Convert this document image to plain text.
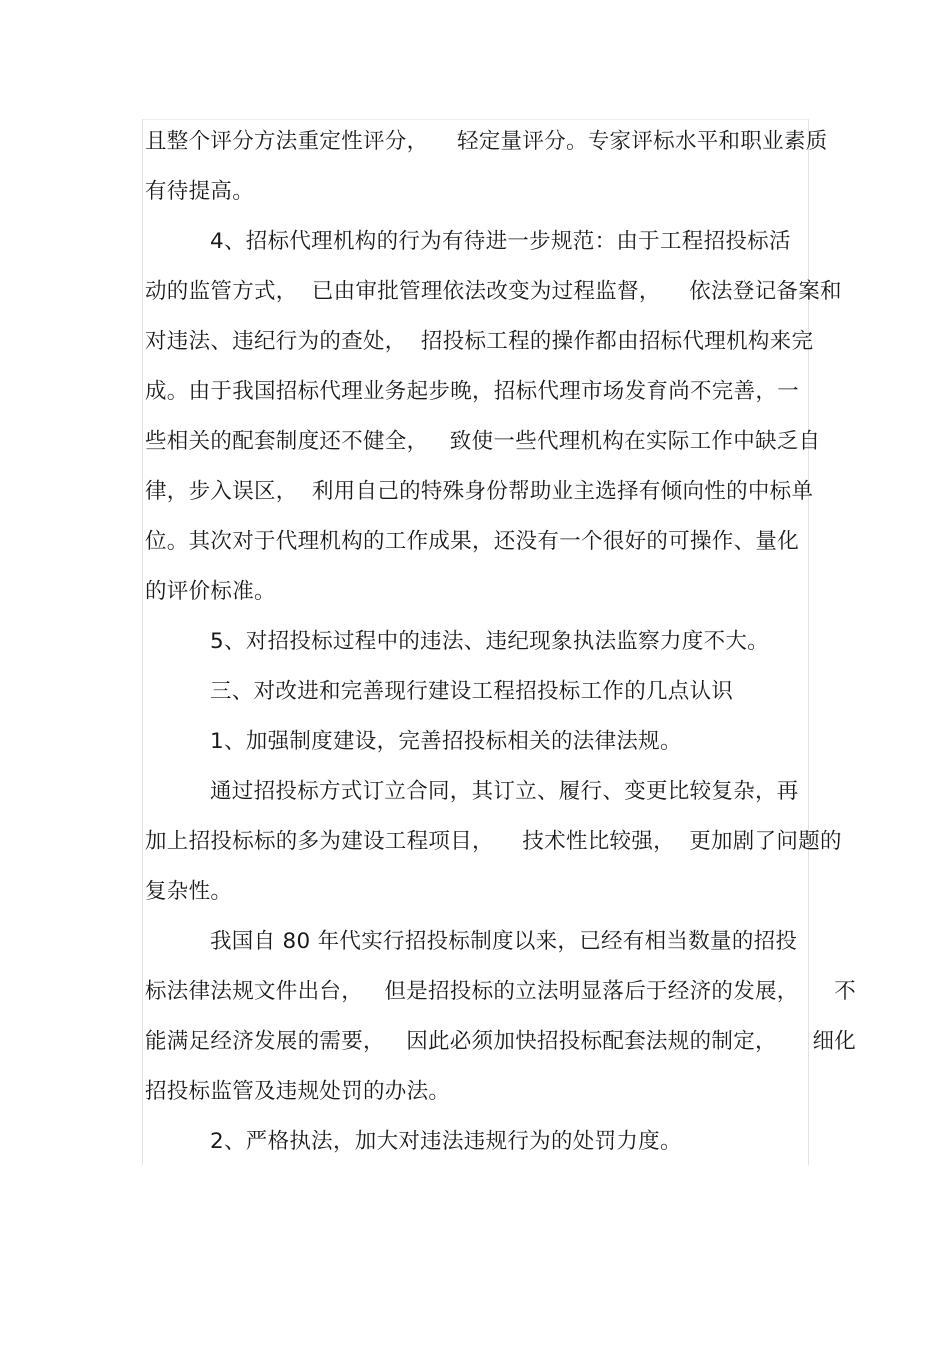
且整个评分方法重定性评分，    轻定量评分。专家评标水平和职业素质
有待提高。
4、招标代理机构的行为有待进一步规范：由于工程招投标活
动的监管方式，  已由审批管理依法改变为过程监督，    依法登记备案和
对违法、违纪行为的查处，  招投标工程的操作都由招标代理机构来完
成。由于我国招标代理业务起步晚，招标代理市场发育尚不完善，一
些相关的配套制度还不健全，   致使一些代理机构在实际工作中缺乏自
律，步入误区，  利用自己的特殊身份帮助业主选择有倾向性的中标单
位。其次对于代理机构的工作成果，还没有一个很好的可操作、量化
的评价标准。
5、对招投标过程中的违法、违纪现象执法监察力度不大。
三、对改进和完善现行建设工程招投标工作的几点认识
1、加强制度建设，完善招投标相关的法律法规。
通过招投标方式订立合同，其订立、履行、变更比较复杂，再
加上招投标标的多为建设工程项目，    技术性比较强，  更加剧了问题的
复杂性。
我国自 80 年代实行招投标制度以来，已经有相当数量的招投
标法律法规文件出台，   但是招投标的立法明显落后于经济的发展，     不
能满足经济发展的需要，   因此必须加快招投标配套法规的制定，     细化
招投标监管及违规处罚的办法。
2、严格执法，加大对违法违规行为的处罚力度。
